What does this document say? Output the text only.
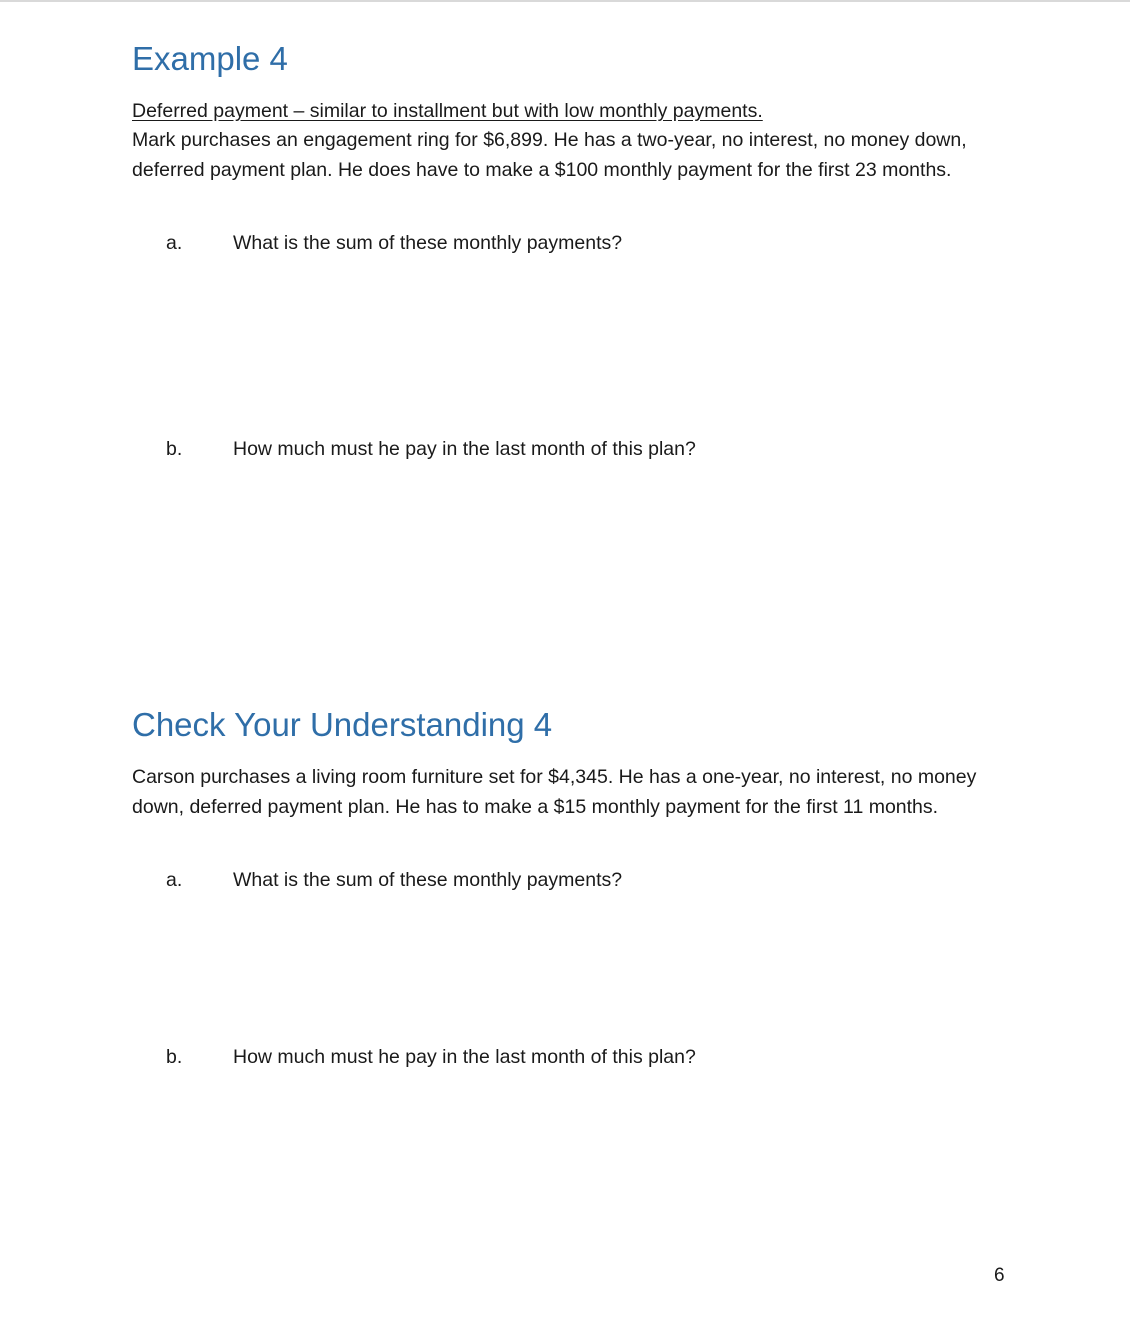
Example 4

Deferred payment – similar to installment but with low monthly payments.

Mark purchases an engagement ring for $6,899. He has a two-year, no interest, no money down, deferred payment plan. He does have to make a $100 monthly payment for the first 23 months.

a.	What is the sum of these monthly payments?
b.	How much must he pay in the last month of this plan?
Check Your Understanding 4

Carson purchases a living room furniture set for $4,345. He has a one-year, no interest, no money down, deferred payment plan. He has to make a $15 monthly payment for the first 11 months.

a.	What is the sum of these monthly payments?
b.	How much must he pay in the last month of this plan?
6
